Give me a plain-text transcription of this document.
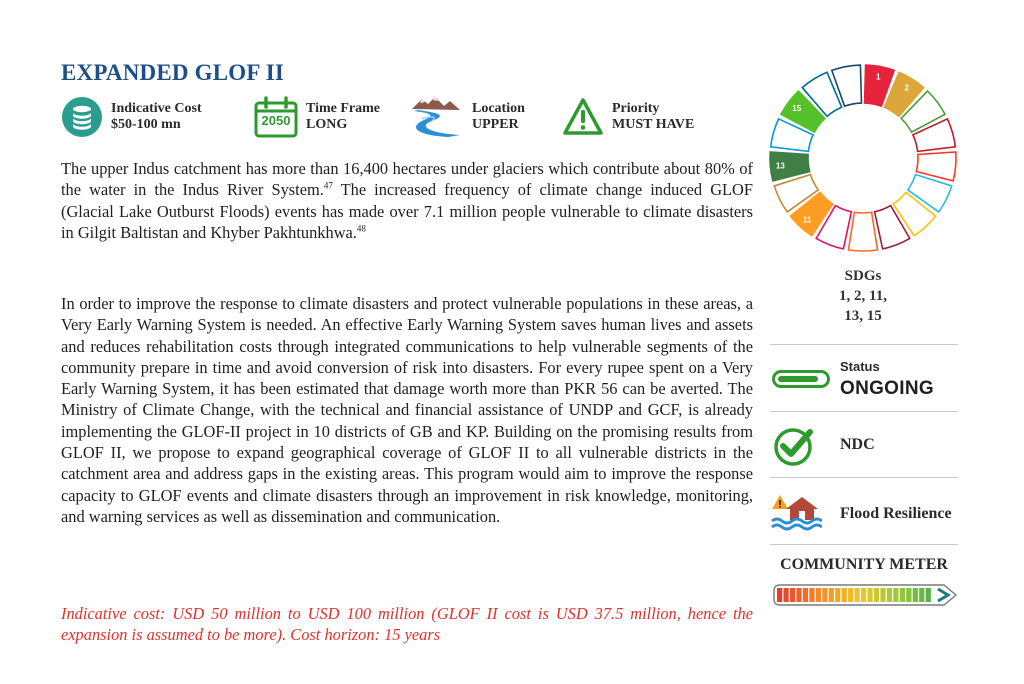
EXPANDED GLOF II
Indicative Cost
$50-100 mn	2050
Time Frame
LONG
Location
UPPER
Priority
MUST HAVE
The upper Indus catchment has more than 16,400 hectares under glaciers which contribute about 80% of the water in the Indus River System.$^{47}$ The increased frequency of climate change induced GLOF (Glacial Lake Outburst Floods) events has made over 7.1 million people vulnerable to climate disasters in Gilgit Baltistan and Khyber Pakhtunkhwa.$^{48}$
In order to improve the response to climate disasters and protect vulnerable populations in these areas, a Very Early Warning System is needed. An effective Early Warning System saves human lives and assets and reduces rehabilitation costs through integrated communications to help vulnerable segments of the community prepare in time and avoid conversion of risk into disasters. For every rupee spent on a Very Early Warning System, it has been estimated that damage worth more than PKR 56 can be averted. The Ministry of Climate Change, with the technical and financial assistance of UNDP and GCF, is already implementing the GLOF-II project in 10 districts of GB and KP. Building on the promising results from GLOF II, we propose to expand geographical coverage of GLOF II to all vulnerable districts in the catchment area and address gaps in the existing areas. This program would aim to improve the response capacity to GLOF events and climate disasters through an improvement in risk knowledge, monitoring, and warning services as well as dissemination and communication.
Indicative cost: USD 50 million to USD 100 million (GLOF II cost is USD 37.5 million, hence the expansion is assumed to be more). Cost horizon: 15 years
1
2
11
13
15
SDGs
1, 2, 11,
13, 15
Status
ONGOING
NDC
Flood Resilience
COMMUNITY METER
